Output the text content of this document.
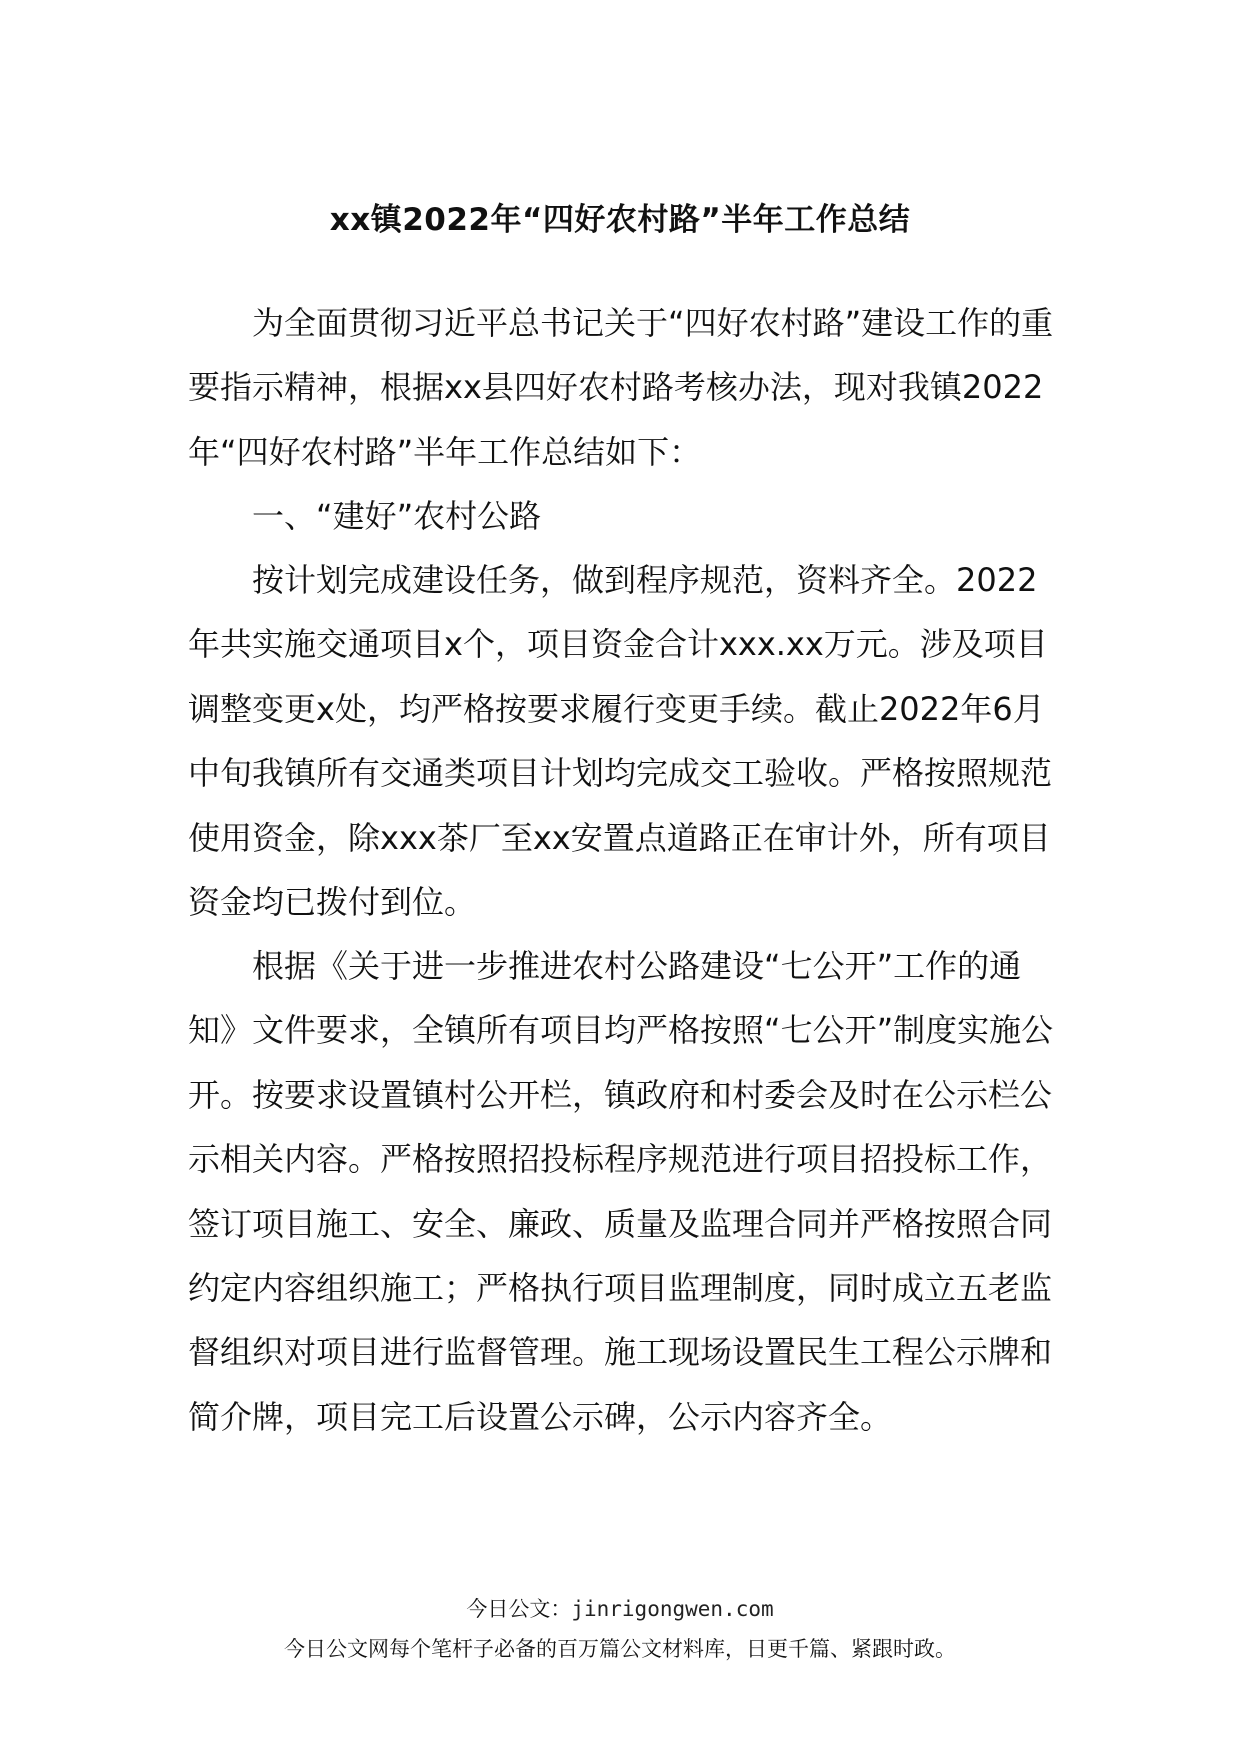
xx镇2022年“四好农村路”半年工作总结

为全面贯彻习近平总书记关于“四好农村路”建设工作的重要指示精神，根据xx县四好农村路考核办法，现对我镇2022年“四好农村路”半年工作总结如下：

一、“建好”农村公路

按计划完成建设任务，做到程序规范，资料齐全。2022年共实施交通项目x个，项目资金合计xxx.xx万元。涉及项目调整变更x处，均严格按要求履行变更手续。截止2022年6月中旬我镇所有交通类项目计划均完成交工验收。严格按照规范使用资金，除xxx茶厂至xx安置点道路正在审计外，所有项目资金均已拨付到位。

根据《关于进一步推进农村公路建设“七公开”工作的通知》文件要求，全镇所有项目均严格按照“七公开”制度实施公开。按要求设置镇村公开栏，镇政府和村委会及时在公示栏公示相关内容。严格按照招投标程序规范进行项目招投标工作，签订项目施工、安全、廉政、质量及监理合同并严格按照合同约定内容组织施工；严格执行项目监理制度，同时成立五老监督组织对项目进行监督管理。施工现场设置民生工程公示牌和简介牌，项目完工后设置公示碑，公示内容齐全。

今日公文：jinrigongwen.com

今日公文网每个笔杆子必备的百万篇公文材料库，日更千篇、紧跟时政。
